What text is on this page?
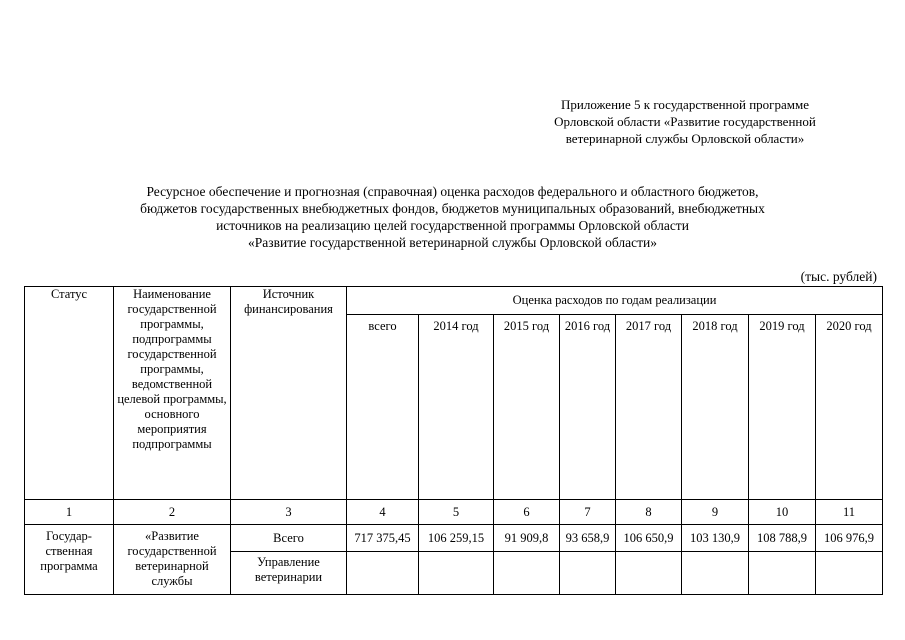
Приложение 5 к государственной программе
Орловской области «Развитие государственной
ветеринарной службы Орловской области»
Ресурсное обеспечение и прогнозная (справочная) оценка расходов федерального и областного бюджетов,
бюджетов государственных внебюджетных фондов, бюджетов муниципальных образований, внебюджетных
источников на реализацию целей государственной программы Орловской области
«Развитие государственной ветеринарной службы Орловской области»
(тыс. рублей)
Статус	Наименование государственной программы, подпрограммы государственной программы, ведомственной целевой программы, основного мероприятия подпрограммы	Источник финансирования	Оценка расходов по годам реализации							
			всего	2014 год	2015 год	2016 год	2017 год	2018 год	2019 год	2020 год
1	2	3	4	5	6	7	8	9	10	11
Государ-ственная программа	«Развитие государственной ветеринарной службы	Всего	717 375,45	106 259,15	91 909,8	93 658,9	106 650,9	103 130,9	108 788,9	106 976,9
		Управление ветеринарии								
